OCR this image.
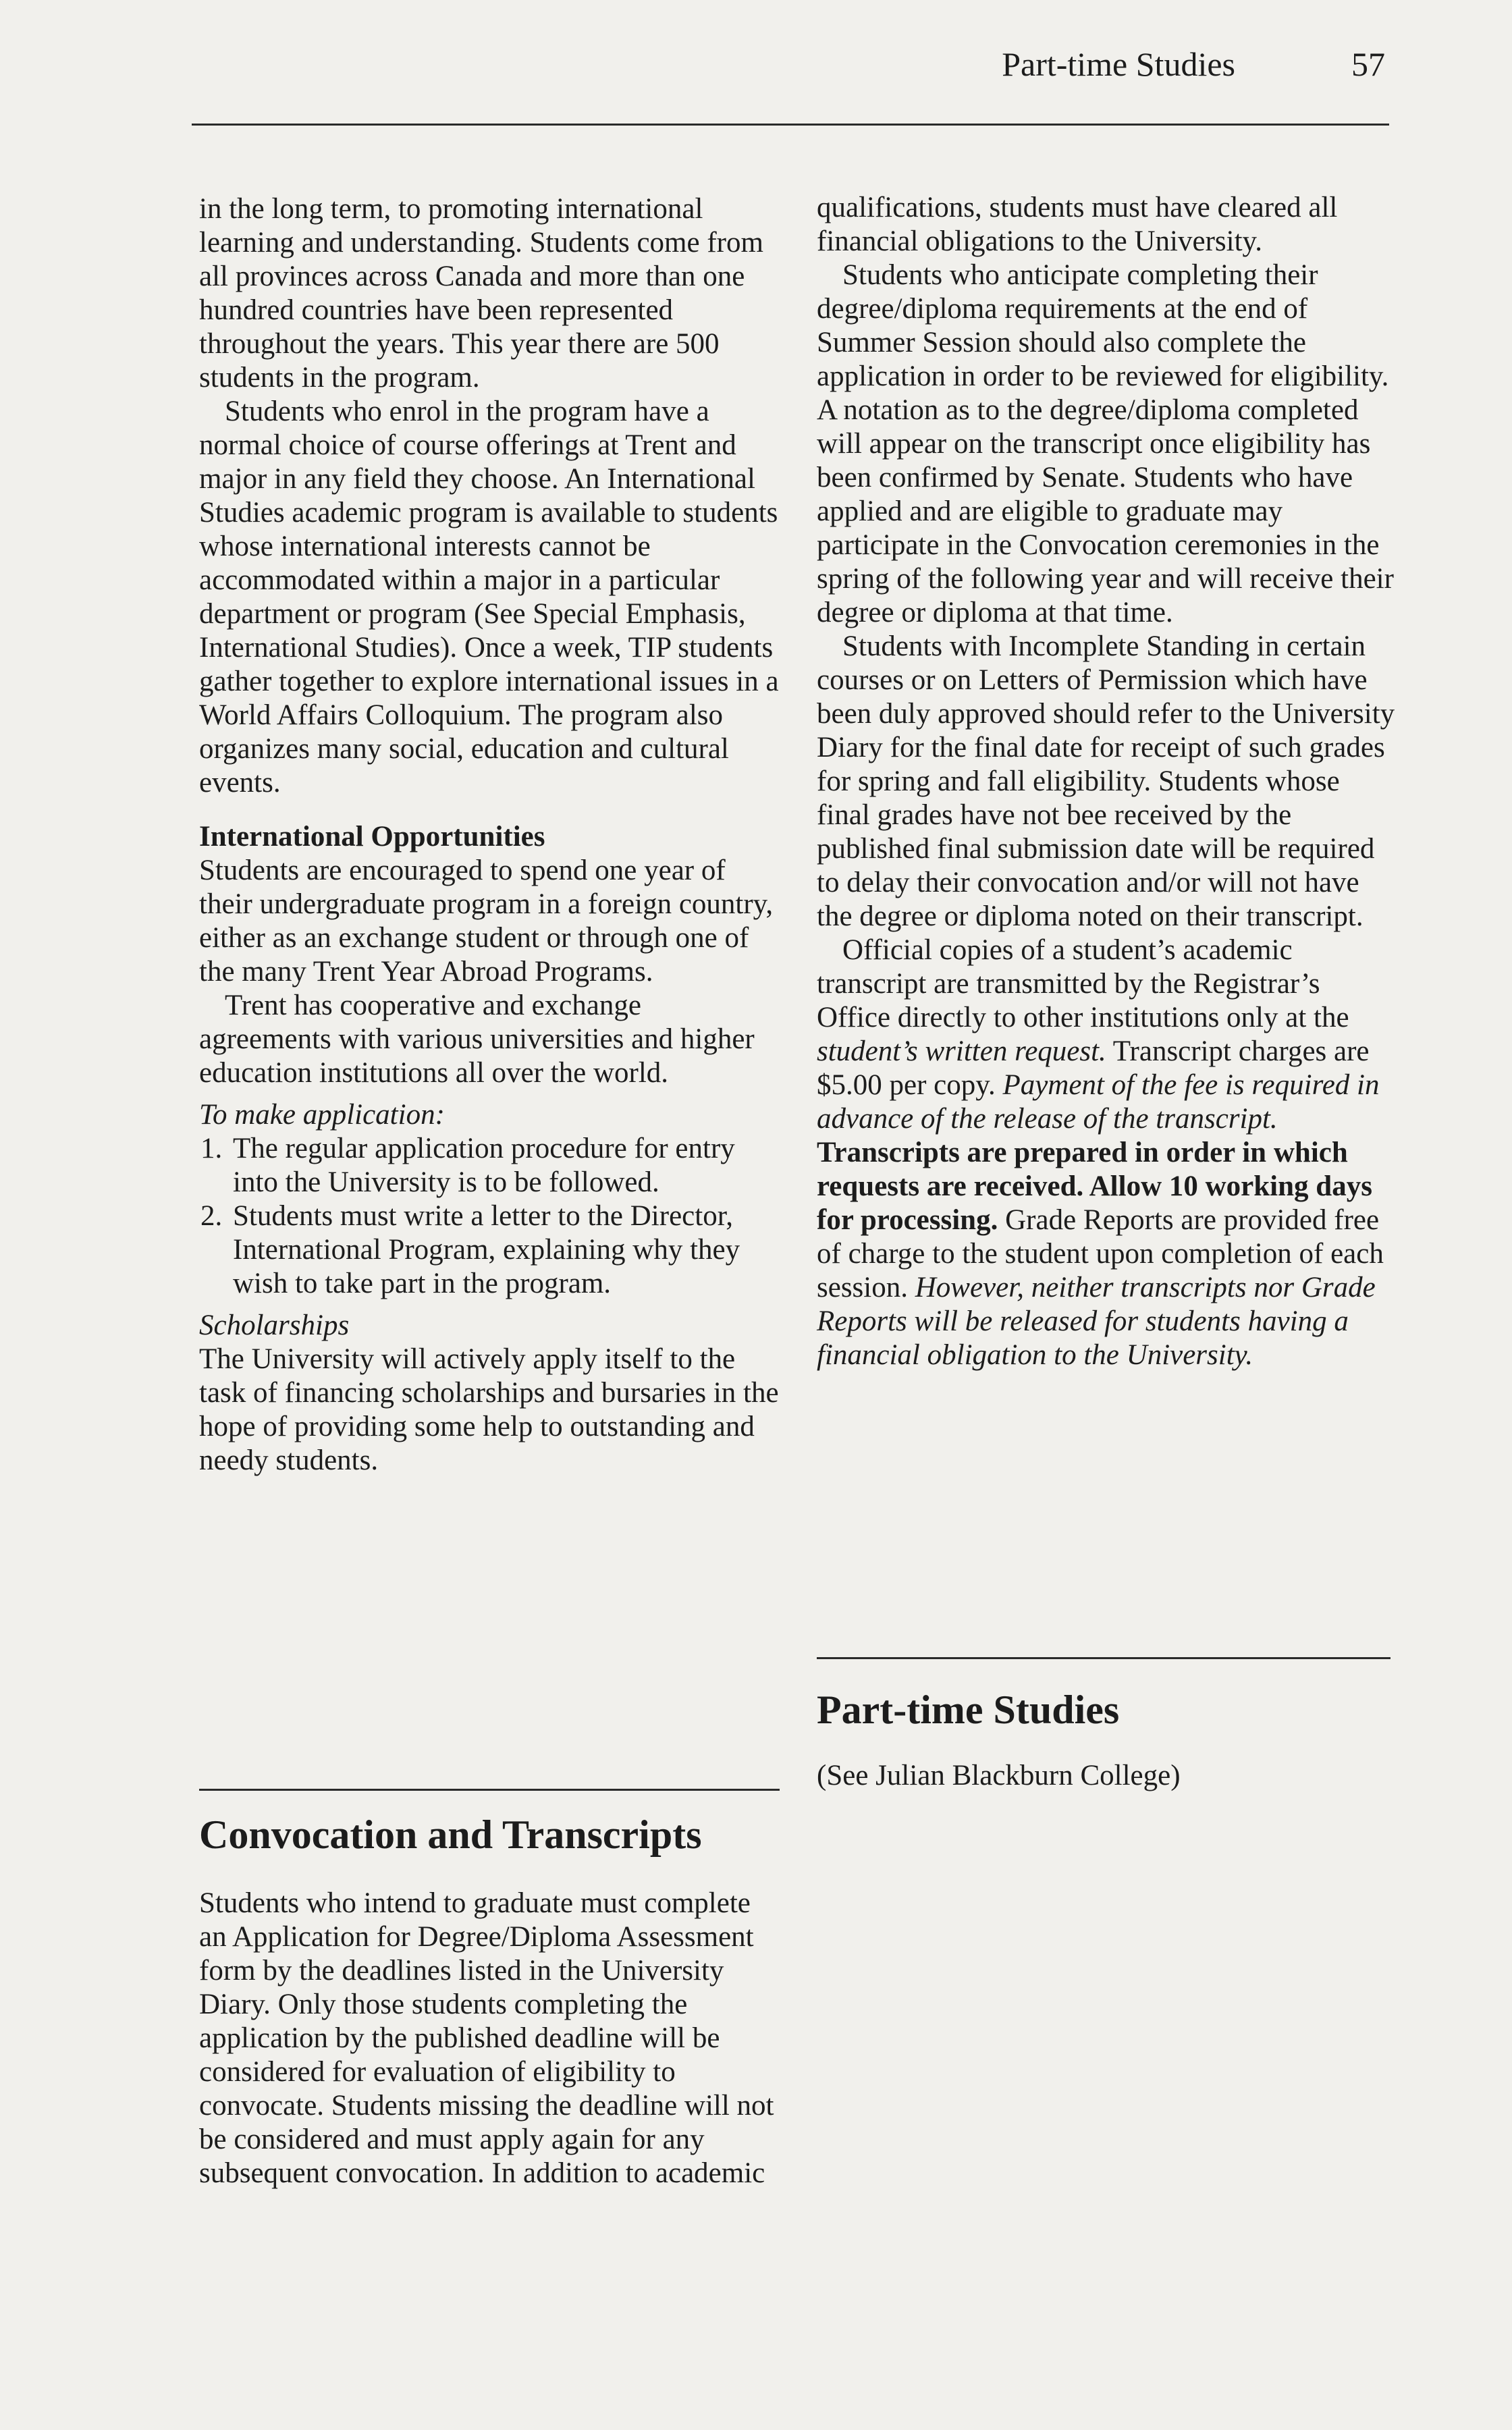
Part-time Studies	57

in the long term, to promoting international learning and understanding. Students come from all provinces across Canada and more than one hundred countries have been represented throughout the years. This year there are 500 students in the program.

Students who enrol in the program have a normal choice of course offerings at Trent and major in any field they choose. An International Studies academic program is available to students whose international interests cannot be accommodated within a major in a particular department or program (See Special Emphasis, International Studies). Once a week, TIP students gather together to explore international issues in a World Affairs Colloquium. The program also organizes many social, education and cultural events.

International Opportunities

Students are encouraged to spend one year of their undergraduate program in a foreign country, either as an exchange student or through one of the many Trent Year Abroad Programs.

Trent has cooperative and exchange agreements with various universities and higher education institutions all over the world.

To make application:

1. The regular application procedure for entry into the University is to be followed.
2. Students must write a letter to the Director, International Program, explaining why they wish to take part in the program.

Scholarships

The University will actively apply itself to the task of financing scholarships and bursaries in the hope of providing some help to outstanding and needy students.

Convocation and Transcripts

Students who intend to graduate must complete an Application for Degree/Diploma Assessment form by the deadlines listed in the University Diary. Only those students completing the application by the published deadline will be considered for evaluation of eligibility to convocate. Students missing the deadline will not be considered and must apply again for any subsequent convocation. In addition to academic

qualifications, students must have cleared all financial obligations to the University.

Students who anticipate completing their degree/diploma requirements at the end of Summer Session should also complete the application in order to be reviewed for eligibility. A notation as to the degree/diploma completed will appear on the transcript once eligibility has been confirmed by Senate. Students who have applied and are eligible to graduate may participate in the Convocation ceremonies in the spring of the following year and will receive their degree or diploma at that time.

Students with Incomplete Standing in certain courses or on Letters of Permission which have been duly approved should refer to the University Diary for the final date for receipt of such grades for spring and fall eligibility. Students whose final grades have not bee received by the published final submission date will be required to delay their convocation and/or will not have the degree or diploma noted on their transcript.

Official copies of a student’s academic transcript are transmitted by the Registrar’s Office directly to other institutions only at the student’s written request. Transcript charges are $5.00 per copy. Payment of the fee is required in advance of the release of the transcript. Transcripts are prepared in order in which requests are received. Allow 10 working days for processing. Grade Reports are provided free of charge to the student upon completion of each session. However, neither transcripts nor Grade Reports will be released for students having a financial obligation to the University.

Part-time Studies

(See Julian Blackburn College)
